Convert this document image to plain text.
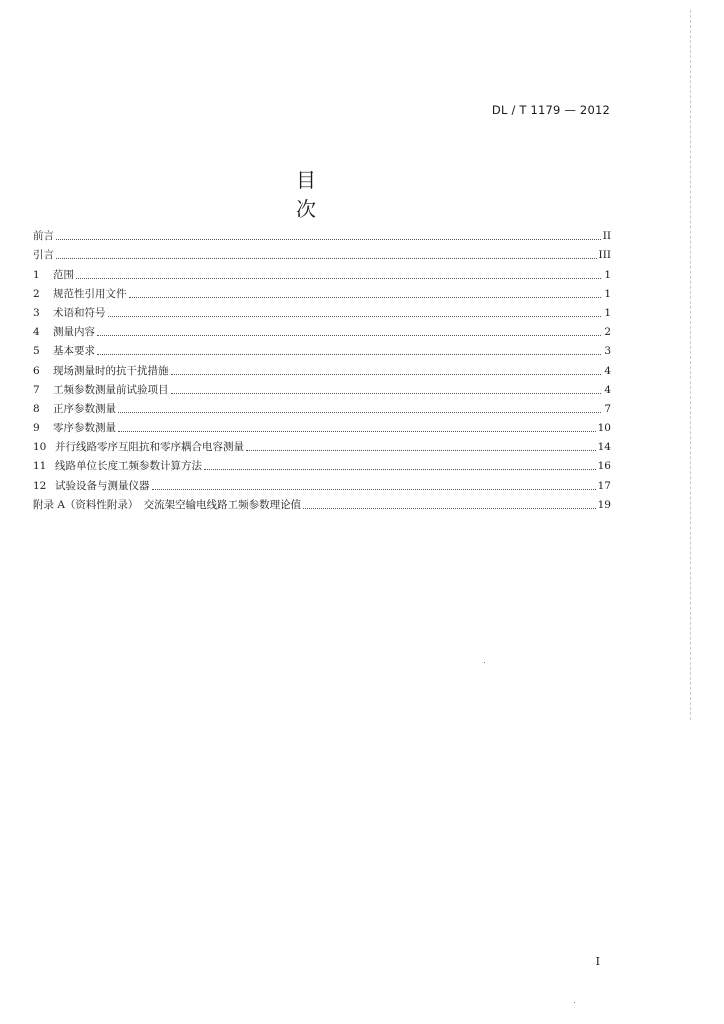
DL / T 1179 — 2012
目　次
前言	II
引言	III
1	范围	1
2	规范性引用文件	1
3	术语和符号	1
4	测量内容	2
5	基本要求	3
6	现场测量时的抗干扰措施	4
7	工频参数测量前试验项目	4
8	正序参数测量	7
9	零序参数测量	10
10 并行线路零序互阻抗和零序耦合电容测量	14
11 线路单位长度工频参数计算方法	16
12 试验设备与测量仪器	17
附录 A（资料性附录）　交流架空输电线路工频参数理论值	19
I
